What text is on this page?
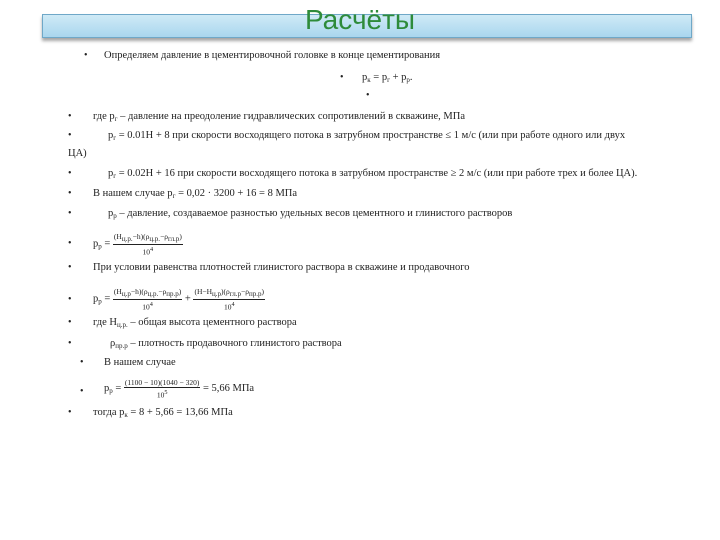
Расчёты
• Определяем давление в цементировочной головке в конце цементирования
• $p_к = p_г + p_p$.
•
• где $p_г$ – давление на преодоление гидравлических сопротивлений в скважине, МПа
•	$p_г = 0.01Н + 8$ при скорости восходящего потока в затрубном пространстве ≤ 1 м/с (или при работе одного или двух
ЦА)
•	$p_г = 0.02Н + 16$ при скорости восходящего потока в затрубном пространстве ≥ 2 м/с (или при работе трех и более ЦА).
• В нашем случае $p_г = 0,02 \cdot 3200 + 16 = 8$ МПа
•	$p_р$ – давление, создаваемое разностью удельных весов цементного и глинистого растворов
• $p_р = \frac{\text{(Hц.р.−h)(ρц.р.−ρгл.р)}}{10^4}$
• При условии равенства плотностей глинистого раствора в скважине и продавочного
• $p_р = \frac{\text{(Hц.р−h)(ρц.р.−ρпр.р)}}{10^4} + \frac{\text{(H−Hц.р)(ρгл.р−ρпр.р)}}{10^4}$
• где $H_{ц.р.}$ – общая высота цементного раствора
•	$\rho_{пр.р}$ – плотность продавочного глинистого раствора
• В нашем случае
• $p_р = \frac{(1100 - 10)(1040 - 320)}{10^5} = 5,66$ МПа
• тогда $p_к = 8 + 5,66 = 13,66$ МПа
